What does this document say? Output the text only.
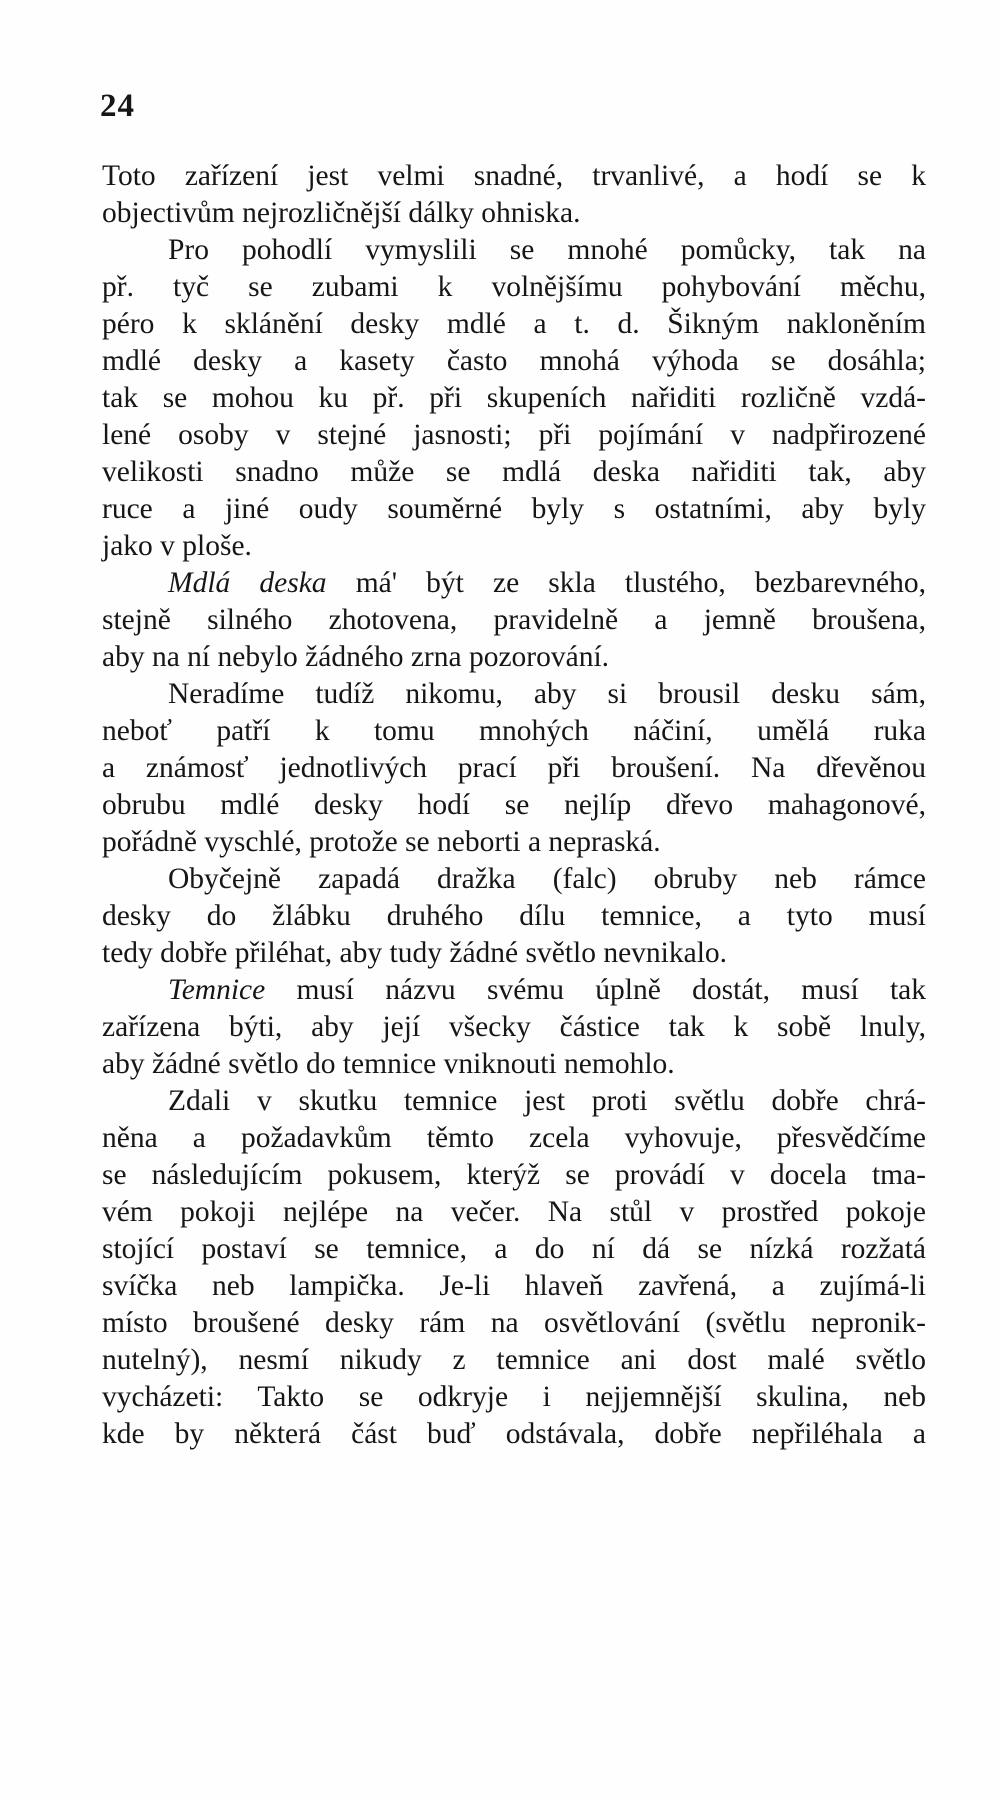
24
Toto zařízení jest velmi snadné, trvanlivé, a hodí se k
objectivům nejrozličnější dálky ohniska.
Pro pohodlí vymyslili se mnohé pomůcky, tak na
př. tyč se zubami k volnějšímu pohybování měchu,
péro k sklánění desky mdlé a t. d. Šikným nakloněním
mdlé desky a kasety často mnohá výhoda se dosáhla;
tak se mohou ku př. při skupeních nařiditi rozličně vzdá-
lené osoby v stejné jasnosti; při pojímání v nadpřirozené
velikosti snadno může se mdlá deska nařiditi tak, aby
ruce a jiné oudy souměrné byly s ostatními, aby byly
jako v ploše.
Mdlá deska má' být ze skla tlustého, bezbarevného,
stejně silného zhotovena, pravidelně a jemně broušena,
aby na ní nebylo žádného zrna pozorování.
Neradíme tudíž nikomu, aby si brousil desku sám,
neboť patří k tomu mnohých náčiní, umělá ruka
a známosť jednotlivých prací při broušení. Na dřevěnou
obrubu mdlé desky hodí se nejlíp dřevo mahagonové,
pořádně vyschlé, protože se neborti a nepraská.
Obyčejně zapadá dražka (falc) obruby neb rámce
desky do žlábku druhého dílu temnice, a tyto musí
tedy dobře přiléhat, aby tudy žádné světlo nevnikalo.
Temnice musí názvu svému úplně dostát, musí tak
zařízena býti, aby její všecky částice tak k sobě lnuly,
aby žádné světlo do temnice vniknouti nemohlo.
Zdali v skutku temnice jest proti světlu dobře chrá-
něna a požadavkům těmto zcela vyhovuje, přesvědčíme
se následujícím pokusem, kterýž se provádí v docela tma-
vém pokoji nejlépe na večer. Na stůl v prostřed pokoje
stojící postaví se temnice, a do ní dá se nízká rozžatá
svíčka neb lampička. Je-li hlaveň zavřená, a zujímá-li
místo broušené desky rám na osvětlování (světlu nepronik-
nutelný), nesmí nikudy z temnice ani dost malé světlo
vycházeti: Takto se odkryje i nejjemnější skulina, neb
kde by některá část buď odstávala, dobře nepřiléhala a
